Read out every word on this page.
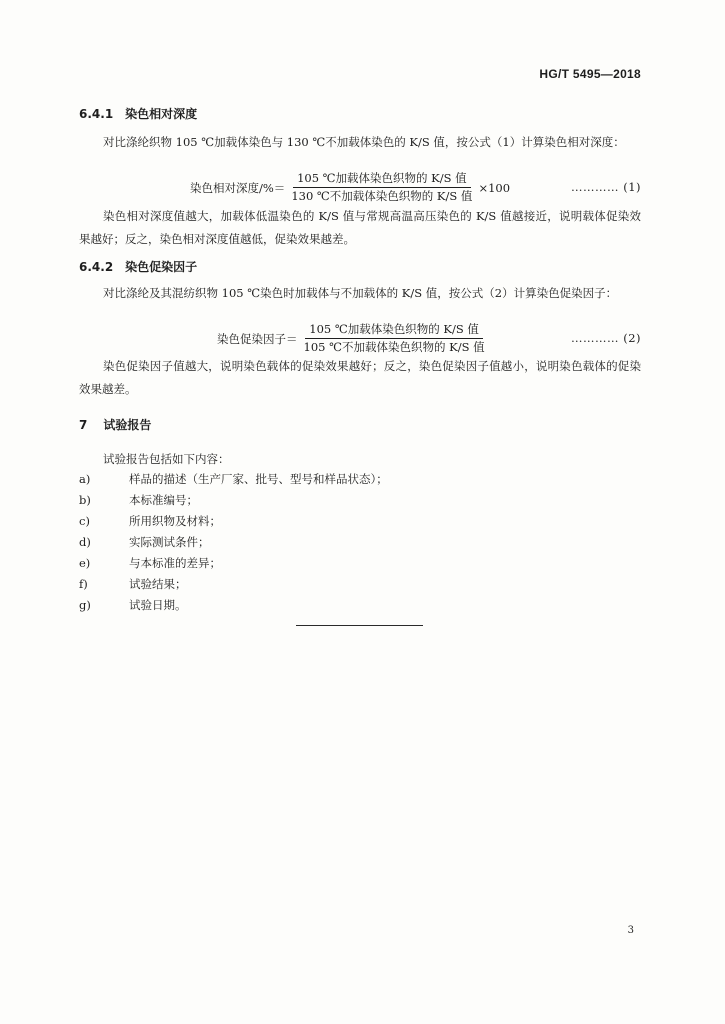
HG/T 5495—2018
6.4.1 染色相对深度
对比涤纶织物 105 ℃加载体染色与 130 ℃不加载体染色的 K/S 值，按公式（1）计算染色相对深度：
染色相对深度/%＝ $\frac{\text{105 ℃加载体染色织物的 K/S 值}}{\text{130 ℃不加载体染色织物的 K/S 值}} \times 100$	………… (1)
染色相对深度值越大，加载体低温染色的 K/S 值与常规高温高压染色的 K/S 值越接近，说明载体促染效果越好；反之，染色相对深度值越低，促染效果越差。
6.4.2 染色促染因子
对比涤纶及其混纺织物 105 ℃染色时加载体与不加载体的 K/S 值，按公式（2）计算染色促染因子：
染色促染因子＝ $\frac{\text{105 ℃加载体染色织物的 K/S 值}}{\text{105 ℃不加载体染色织物的 K/S 值}}$	………… (2)
染色促染因子值越大，说明染色载体的促染效果越好；反之，染色促染因子值越小，说明染色载体的促染效果越差。
7 试验报告
试验报告包括如下内容：
a)	样品的描述（生产厂家、批号、型号和样品状态）；
b)	本标准编号；
c)	所用织物及材料；
d)	实际测试条件；
e)	与本标准的差异；
f)	试验结果；
g)	试验日期。
3
